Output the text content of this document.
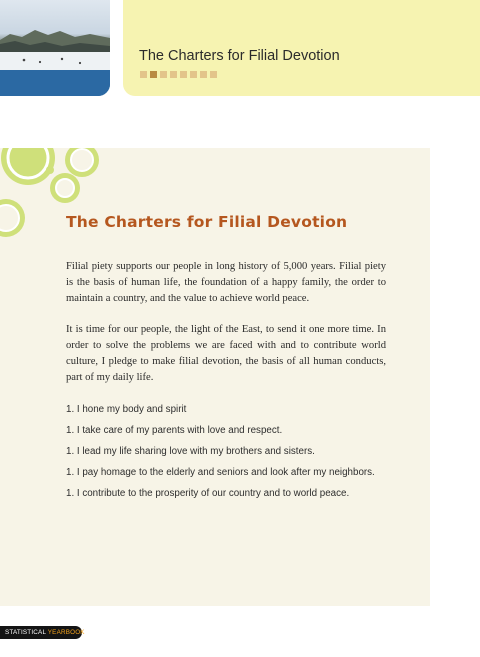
The Charters for Filial Devotion
The Charters for Filial Devotion

Filial piety supports our people in long history of 5,000 years. Filial piety is the basis of human life, the foundation of a happy family, the order to maintain a country, and the value to achieve world peace.

It is time for our people, the light of the East, to send it one more time. In order to solve the problems we are faced with and to contribute world culture, I pledge to make filial devotion, the basis of all human conducts, part of my daily life.

1. I hone my body and spirit
1. I take care of my parents with love and respect.
1. I lead my life sharing love with my brothers and sisters.
1. I pay homage to the elderly and seniors and look after my neighbors.
1. I contribute to the prosperity of our country and to world peace.
STATISTICAL YEARBOOK
